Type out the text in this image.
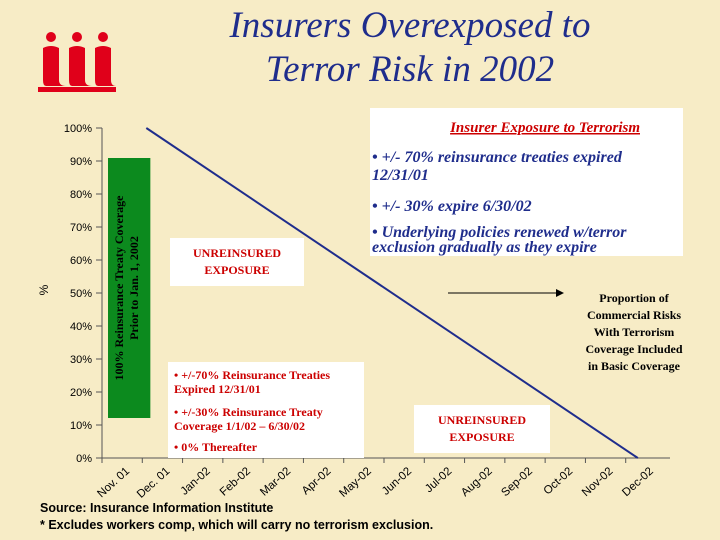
Insurers Overexposed to
Terror Risk in 2002
0%
10%
20%
30%
40%
50%
60%
70%
80%
90%
100%
%	100% Reinsurance Treaty Coverage Prior to Jan. 1, 2002
Insurer Exposure to Terrorism
• +/- 70% reinsurance treaties expired 12/31/01
• +/- 30% expire 6/30/02
• Underlying policies renewed w/terror exclusion gradually as they expire
UNREINSURED
EXPOSURE
UNREINSURED
EXPOSURE
• +/-70% Reinsurance Treaties
Expired 12/31/01
• +/-30% Reinsurance Treaty
Coverage 1/1/02 – 6/30/02
• 0% Thereafter
Proportion of
Commercial Risks
With Terrorism
Coverage Included
in Basic Coverage
Nov. 01 Dec. 01 Jan-02 Feb-02 Mar-02 Apr-02 May-02 Jun-02 Jul-02 Aug-02 Sep-02 Oct-02 Nov-02 Dec-02
Source: Insurance Information Institute
* Excludes workers comp, which will carry no terrorism exclusion.
